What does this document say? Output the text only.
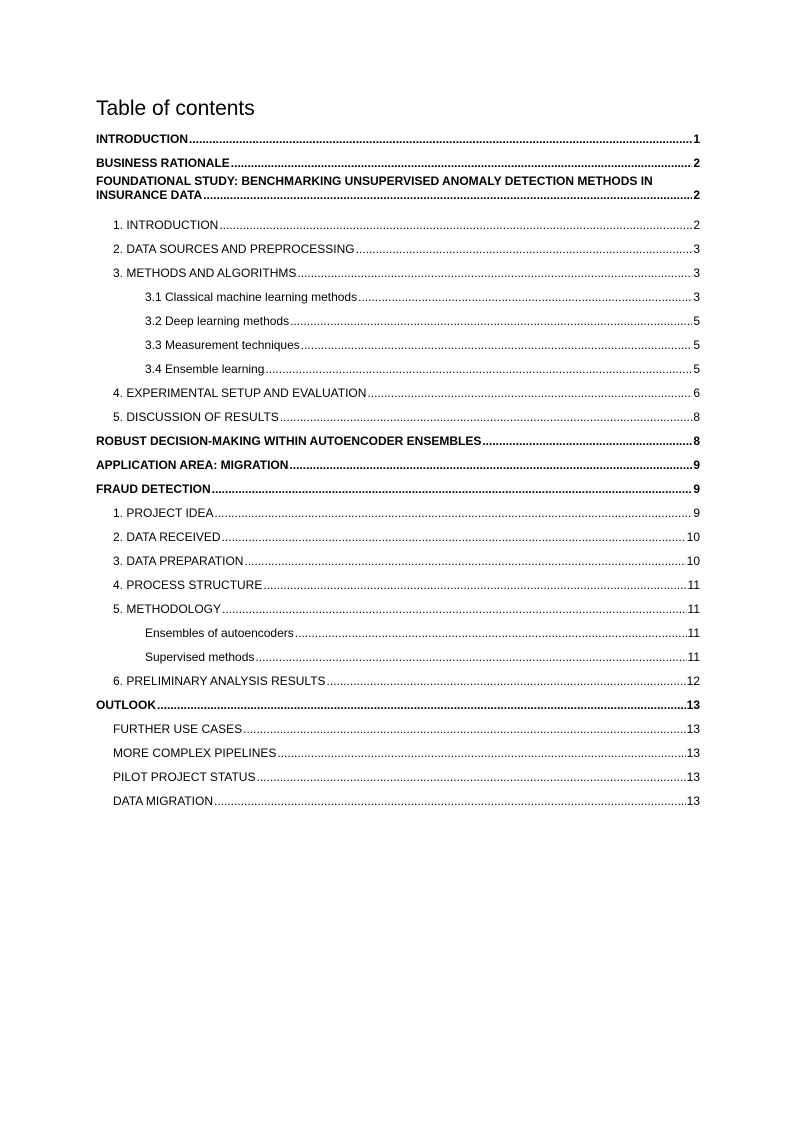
Table of contents
INTRODUCTION .....	1
BUSINESS RATIONALE .....	2
FOUNDATIONAL STUDY: BENCHMARKING UNSUPERVISED ANOMALY DETECTION METHODS IN
INSURANCE DATA .....	2
1. INTRODUCTION .....	2
2. DATA SOURCES AND PREPROCESSING .....	3
3. METHODS AND ALGORITHMS .....	3
3.1 Classical machine learning methods .....	3
3.2 Deep learning methods .....	5
3.3 Measurement techniques .....	5
3.4 Ensemble learning .....	5
4. EXPERIMENTAL SETUP AND EVALUATION .....	6
5. DISCUSSION OF RESULTS .....	8
ROBUST DECISION-MAKING WITHIN AUTOENCODER ENSEMBLES .....	8
APPLICATION AREA: MIGRATION .....	9
FRAUD DETECTION .....	9
1. PROJECT IDEA .....	9
2. DATA RECEIVED .....	10
3. DATA PREPARATION .....	10
4. PROCESS STRUCTURE .....	11
5. METHODOLOGY .....	11
Ensembles of autoencoders .....	11
Supervised methods .....	11
6. PRELIMINARY ANALYSIS RESULTS .....	12
OUTLOOK .....	13
FURTHER USE CASES .....	13
MORE COMPLEX PIPELINES .....	13
PILOT PROJECT STATUS .....	13
DATA MIGRATION .....	13
